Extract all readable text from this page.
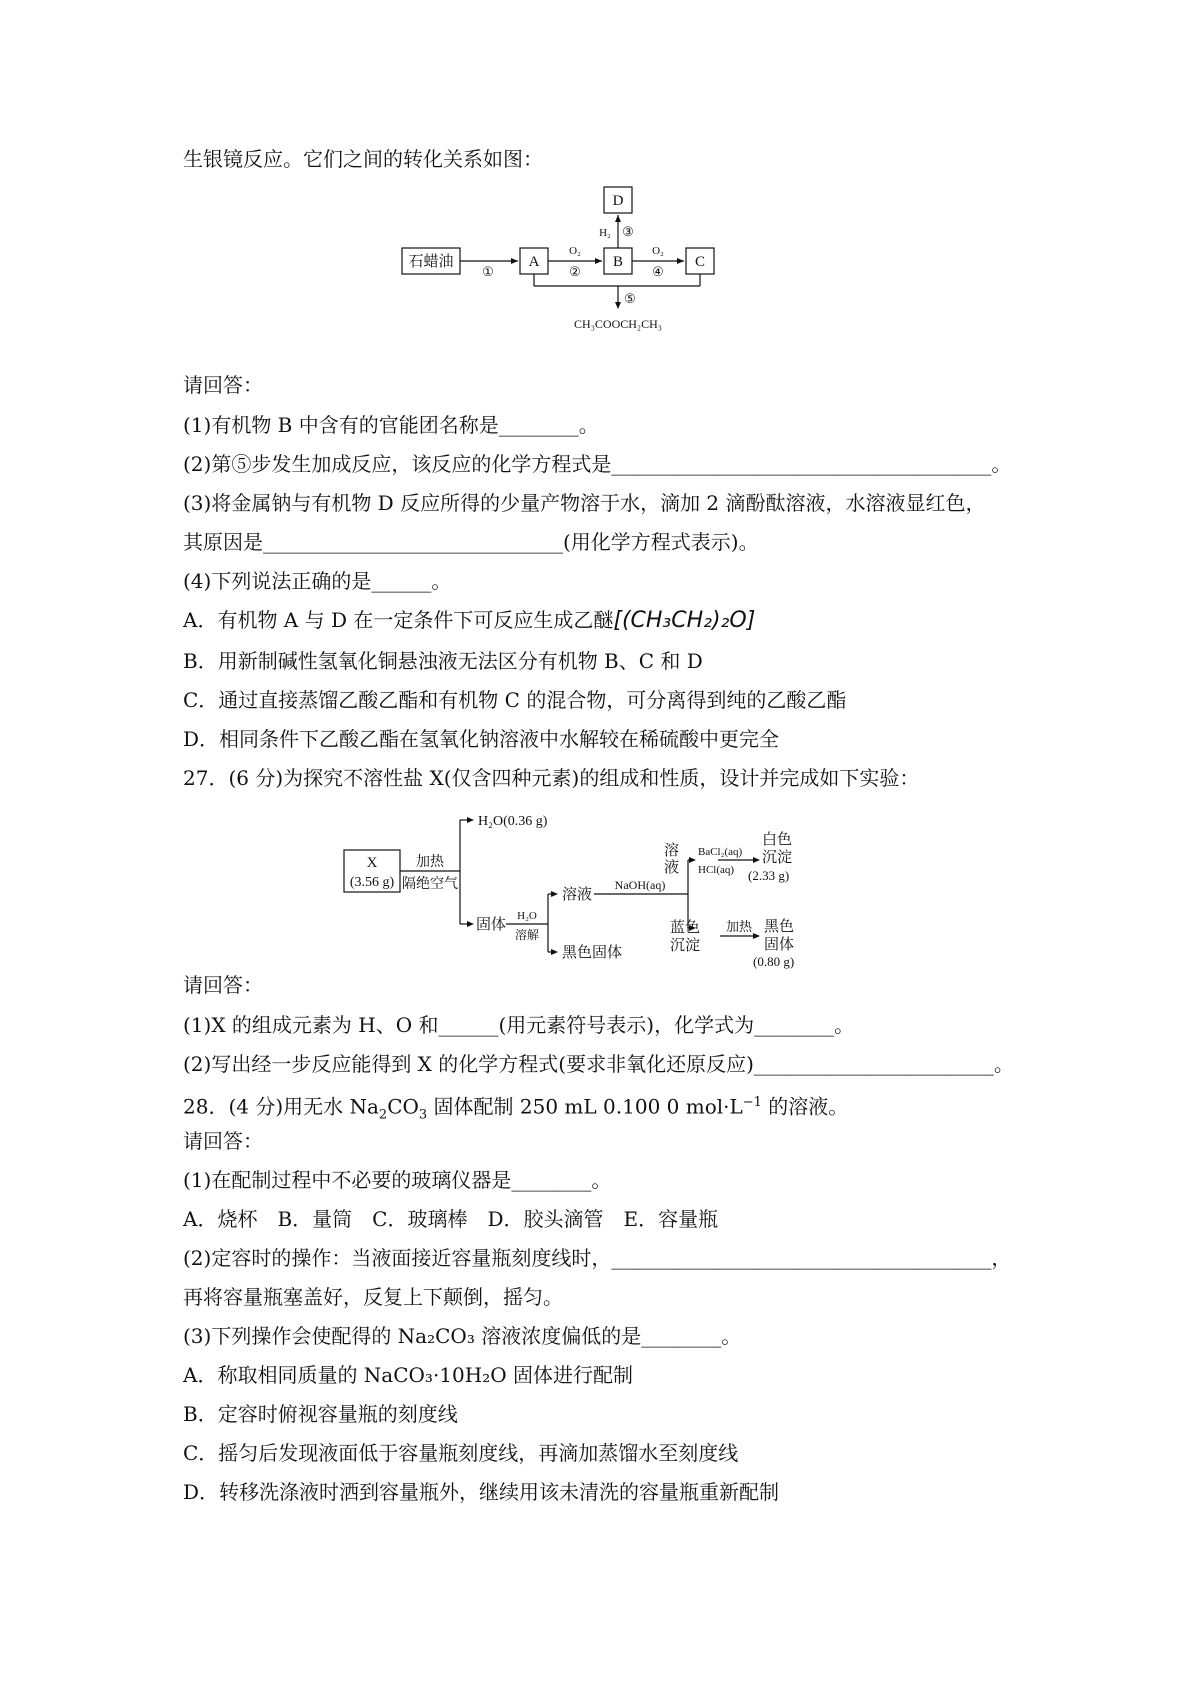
生银镜反应。它们之间的转化关系如图：
石蜡油	A	B	C
D
①
O₂
②
H₂ ③
O₂
④
⑤
CH₃COOCH₂CH₃
请回答：
(1)有机物 B 中含有的官能团名称是________。
(2)第⑤步发生加成反应，该反应的化学方程式是______________________________________。
(3)将金属钠与有机物 D 反应所得的少量产物溶于水，滴加 2 滴酚酞溶液，水溶液显红色，
其原因是______________________________(用化学方程式表示)。
(4)下列说法正确的是______。
A．有机物 A 与 D 在一定条件下可反应生成乙醚[(CH₃CH₂)₂O]
B．用新制碱性氢氧化铜悬浊液无法区分有机物 B、C 和 D
C．通过直接蒸馏乙酸乙酯和有机物 C 的混合物，可分离得到纯的乙酸乙酯
D．相同条件下乙酸乙酯在氢氧化钠溶液中水解较在稀硫酸中更完全
27．(6 分)为探究不溶性盐 X(仅含四种元素)的组成和性质，设计并完成如下实验：
X
(3.56 g)
加热
隔绝空气
H₂O(0.36 g)
固体
H₂O
溶解
溶液
黑色固体
NaOH(aq)
溶
液
BaCl₂(aq)
HCl(aq)
白色
沉淀
(2.33 g)
蓝色
沉淀
加热 黑色
固体
(0.80 g)
请回答：
(1)X 的组成元素为 H、O 和______(用元素符号表示)，化学式为________。
(2)写出经一步反应能得到 X 的化学方程式(要求非氧化还原反应)________________________。
28．(4 分)用无水 $Na_2CO_3$ 固体配制 250 mL 0.100 0 $mol\cdot L^{-1}$ 的溶液。
请回答：
(1)在配制过程中不必要的玻璃仪器是________。
A．烧杯　B．量筒　C．玻璃棒　D．胶头滴管　E．容量瓶
(2)定容时的操作：当液面接近容量瓶刻度线时，______________________________________，
再将容量瓶塞盖好，反复上下颠倒，摇匀。
(3)下列操作会使配得的 Na₂CO₃ 溶液浓度偏低的是________。
A．称取相同质量的 NaCO₃·10H₂O 固体进行配制
B．定容时俯视容量瓶的刻度线
C．摇匀后发现液面低于容量瓶刻度线，再滴加蒸馏水至刻度线
D．转移洗涤液时洒到容量瓶外，继续用该未清洗的容量瓶重新配制
